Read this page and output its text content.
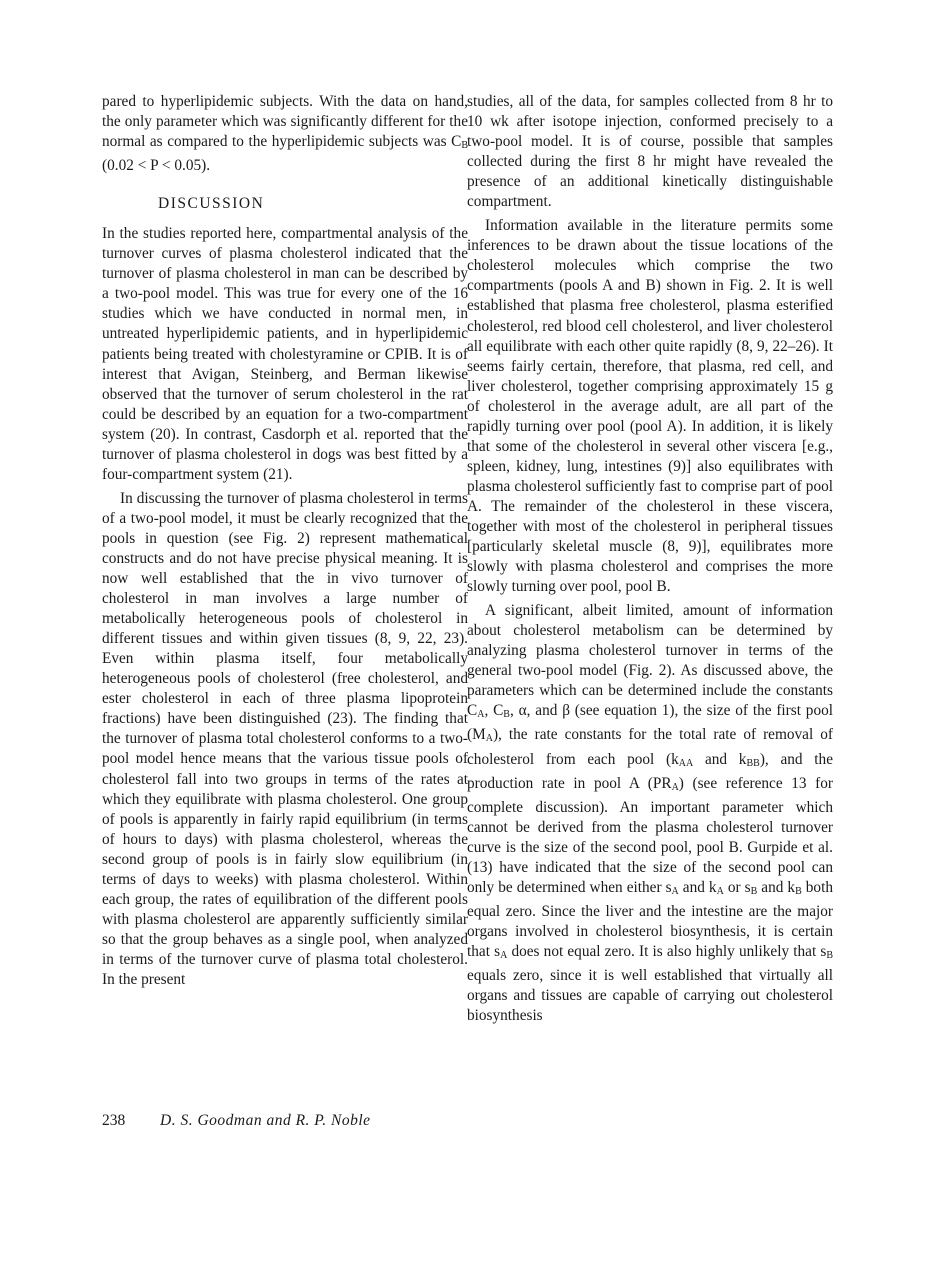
pared to hyperlipidemic subjects. With the data on hand, the only parameter which was significantly different for the normal as compared to the hyperlipidemic subjects was $C_B$ (0.02 < P < 0.05).

DISCUSSION

In the studies reported here, compartmental analysis of the turnover curves of plasma cholesterol indicated that the turnover of plasma cholesterol in man can be described by a two-pool model. This was true for every one of the 16 studies which we have conducted in normal men, in untreated hyperlipidemic patients, and in hyperlipidemic patients being treated with cholestyramine or CPIB. It is of interest that Avigan, Steinberg, and Berman likewise observed that the turnover of serum cholesterol in the rat could be described by an equation for a two-compartment system (20). In contrast, Casdorph et al. reported that the turnover of plasma cholesterol in dogs was best fitted by a four-compartment system (21).

In discussing the turnover of plasma cholesterol in terms of a two-pool model, it must be clearly recognized that the pools in question (see Fig. 2) represent mathematical constructs and do not have precise physical meaning. It is now well established that the in vivo turnover of cholesterol in man involves a large number of metabolically heterogeneous pools of cholesterol in different tissues and within given tissues (8, 9, 22, 23). Even within plasma itself, four metabolically heterogeneous pools of cholesterol (free cholesterol, and ester cholesterol in each of three plasma lipoprotein fractions) have been distinguished (23). The finding that the turnover of plasma total cholesterol conforms to a two-pool model hence means that the various tissue pools of cholesterol fall into two groups in terms of the rates at which they equilibrate with plasma cholesterol. One group of pools is apparently in fairly rapid equilibrium (in terms of hours to days) with plasma cholesterol, whereas the second group of pools is in fairly slow equilibrium (in terms of days to weeks) with plasma cholesterol. Within each group, the rates of equilibration of the different pools with plasma cholesterol are apparently sufficiently similar so that the group behaves as a single pool, when analyzed in terms of the turnover curve of plasma total cholesterol. In the present

studies, all of the data, for samples collected from 8 hr to 10 wk after isotope injection, conformed precisely to a two-pool model. It is of course, possible that samples collected during the first 8 hr might have revealed the presence of an additional kinetically distinguishable compartment.

Information available in the literature permits some inferences to be drawn about the tissue locations of the cholesterol molecules which comprise the two compartments (pools A and B) shown in Fig. 2. It is well established that plasma free cholesterol, plasma esterified cholesterol, red blood cell cholesterol, and liver cholesterol all equilibrate with each other quite rapidly (8, 9, 22–26). It seems fairly certain, therefore, that plasma, red cell, and liver cholesterol, together comprising approximately 15 g of cholesterol in the average adult, are all part of the rapidly turning over pool (pool A). In addition, it is likely that some of the cholesterol in several other viscera [e.g., spleen, kidney, lung, intestines (9)] also equilibrates with plasma cholesterol sufficiently fast to comprise part of pool A. The remainder of the cholesterol in these viscera, together with most of the cholesterol in peripheral tissues [particularly skeletal muscle (8, 9)], equilibrates more slowly with plasma cholesterol and comprises the more slowly turning over pool, pool B.

A significant, albeit limited, amount of information about cholesterol metabolism can be determined by analyzing plasma cholesterol turnover in terms of the general two-pool model (Fig. 2). As discussed above, the parameters which can be determined include the constants $C_A$, $C_B$, α, and β (see equation 1), the size of the first pool $(M_A)$, the rate constants for the total rate of removal of cholesterol from each pool ($k_{AA}$ and $k_{BB}$), and the production rate in pool A $(PR_A)$ (see reference 13 for complete discussion). An important parameter which cannot be derived from the plasma cholesterol turnover curve is the size of the second pool, pool B. Gurpide et al. (13) have indicated that the size of the second pool can only be determined when either $s_A$ and $k_A$ or $s_B$ and $k_B$ both equal zero. Since the liver and the intestine are the major organs involved in cholesterol biosynthesis, it is certain that $s_A$ does not equal zero. It is also highly unlikely that $s_B$ equals zero, since it is well established that virtually all organs and tissues are capable of carrying out cholesterol biosynthesis

238 D. S. Goodman and R. P. Noble
